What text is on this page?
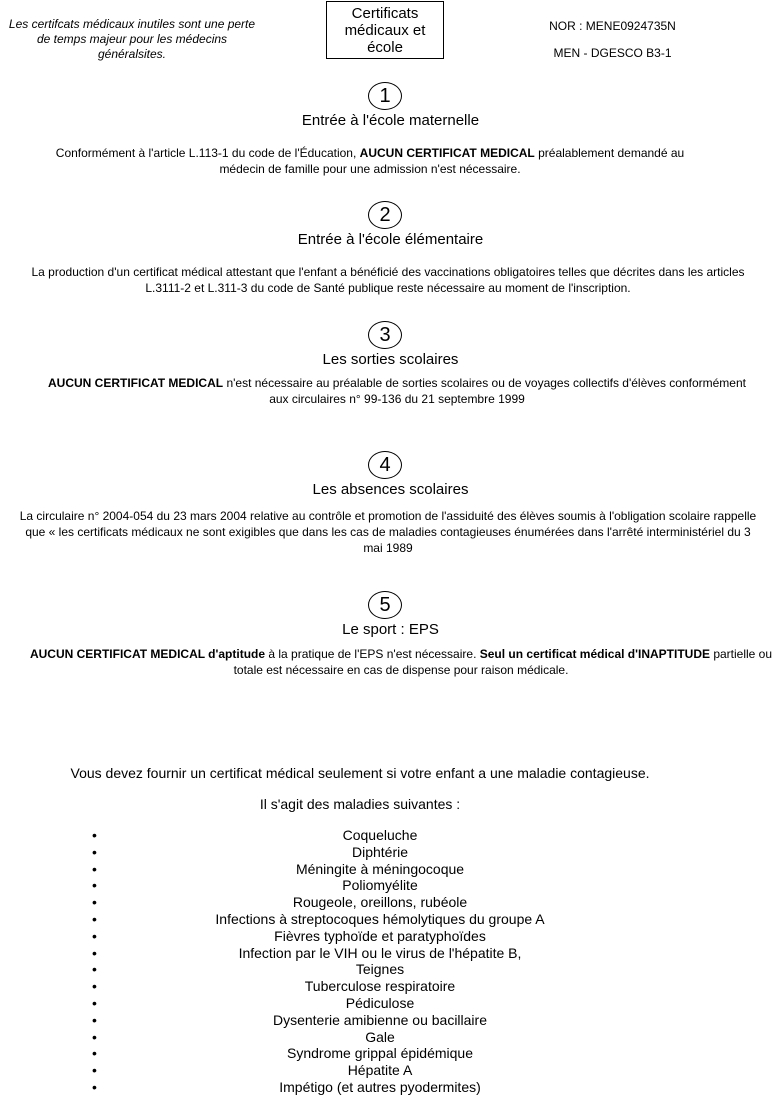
Les certifcats médicaux inutiles sont une perte de temps majeur pour les médecins généralsites.
Certificats
médicaux et
école
NOR : MENE0924735N
MEN - DGESCO B3-1
1
Entrée à l'école maternelle
Conformément à l'article L.113-1 du code de l'Éducation, AUCUN CERTIFICAT MEDICAL préalablement demandé au médecin de famille pour une admission n'est nécessaire.
2
Entrée à l'école élémentaire
La production d'un certificat médical attestant que l'enfant a bénéficié des vaccinations obligatoires telles que décrites dans les articles L.3111-2 et L.311-3 du code de Santé publique reste nécessaire au moment de l'inscription.
3
Les sorties scolaires
AUCUN CERTIFICAT MEDICAL n'est nécessaire au préalable de sorties scolaires ou de voyages collectifs d'élèves conformément aux circulaires n° 99-136 du 21 septembre 1999
4
Les absences scolaires
La circulaire n° 2004-054 du 23 mars 2004 relative au contrôle et promotion de l'assiduité des élèves soumis à l'obligation scolaire rappelle que « les certificats médicaux ne sont exigibles que dans les cas de maladies contagieuses énumérées dans l'arrêté interministériel du 3 mai 1989
5
Le sport : EPS
AUCUN CERTIFICAT MEDICAL d'aptitude à la pratique de l'EPS n'est nécessaire. Seul un certificat médical d'INAPTITUDE partielle ou totale est nécessaire en cas de dispense pour raison médicale.
Vous devez fournir un certificat médical seulement si votre enfant a une maladie contagieuse.
Il s'agit des maladies suivantes :
• Coqueluche
• Diphtérie
• Méningite à méningocoque
• Poliomyélite
• Rougeole, oreillons, rubéole
• Infections à streptocoques hémolytiques du groupe A
• Fièvres typhoïde et paratyphoïdes
• Infection par le VIH ou le virus de l'hépatite B,
• Teignes
• Tuberculose respiratoire
• Pédiculose
• Dysenterie amibienne ou bacillaire
• Gale
• Syndrome grippal épidémique
• Hépatite A
• Impétigo (et autres pyodermites)
